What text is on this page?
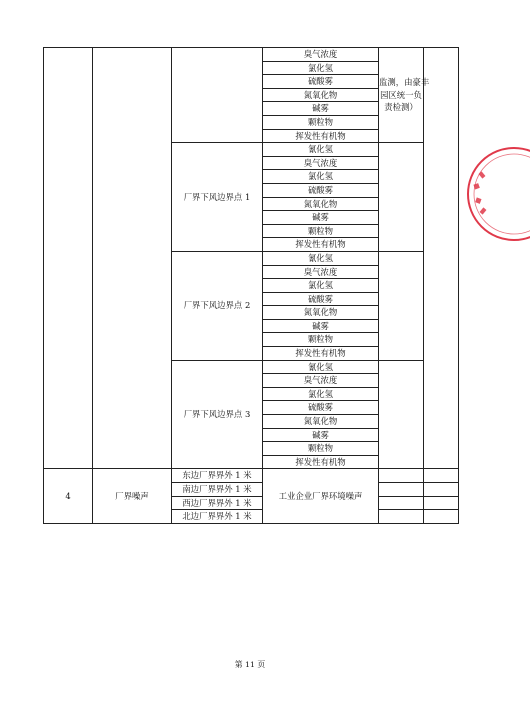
			臭气浓度	监测，由豪丰
园区统一负
责检测）	

			氯化氢		
			硫酸雾		
			氮氧化物		
			碱雾		
			颗粒物		
			挥发性有机物		
		厂界下风边界点 1	氰化氢		
			臭气浓度		
			氯化氢		
			硫酸雾		
			氮氧化物		
			碱雾		
			颗粒物		
			挥发性有机物		
		厂界下风边界点 2	氰化氢		
			臭气浓度		
			氯化氢		
			硫酸雾		
			氮氧化物		
			碱雾		
			颗粒物		
			挥发性有机物		
		厂界下风边界点 3	氰化氢		
			臭气浓度		
			氯化氢		
			硫酸雾		
			氮氧化物		
			碱雾		
			颗粒物		
			挥发性有机物		
4	厂界噪声	东边厂界界外 1 米	工业企业厂界环境噪声		
		南边厂界界外 1 米			
		西边厂界界外 1 米			
		北边厂界界外 1 米			
第 11 页
